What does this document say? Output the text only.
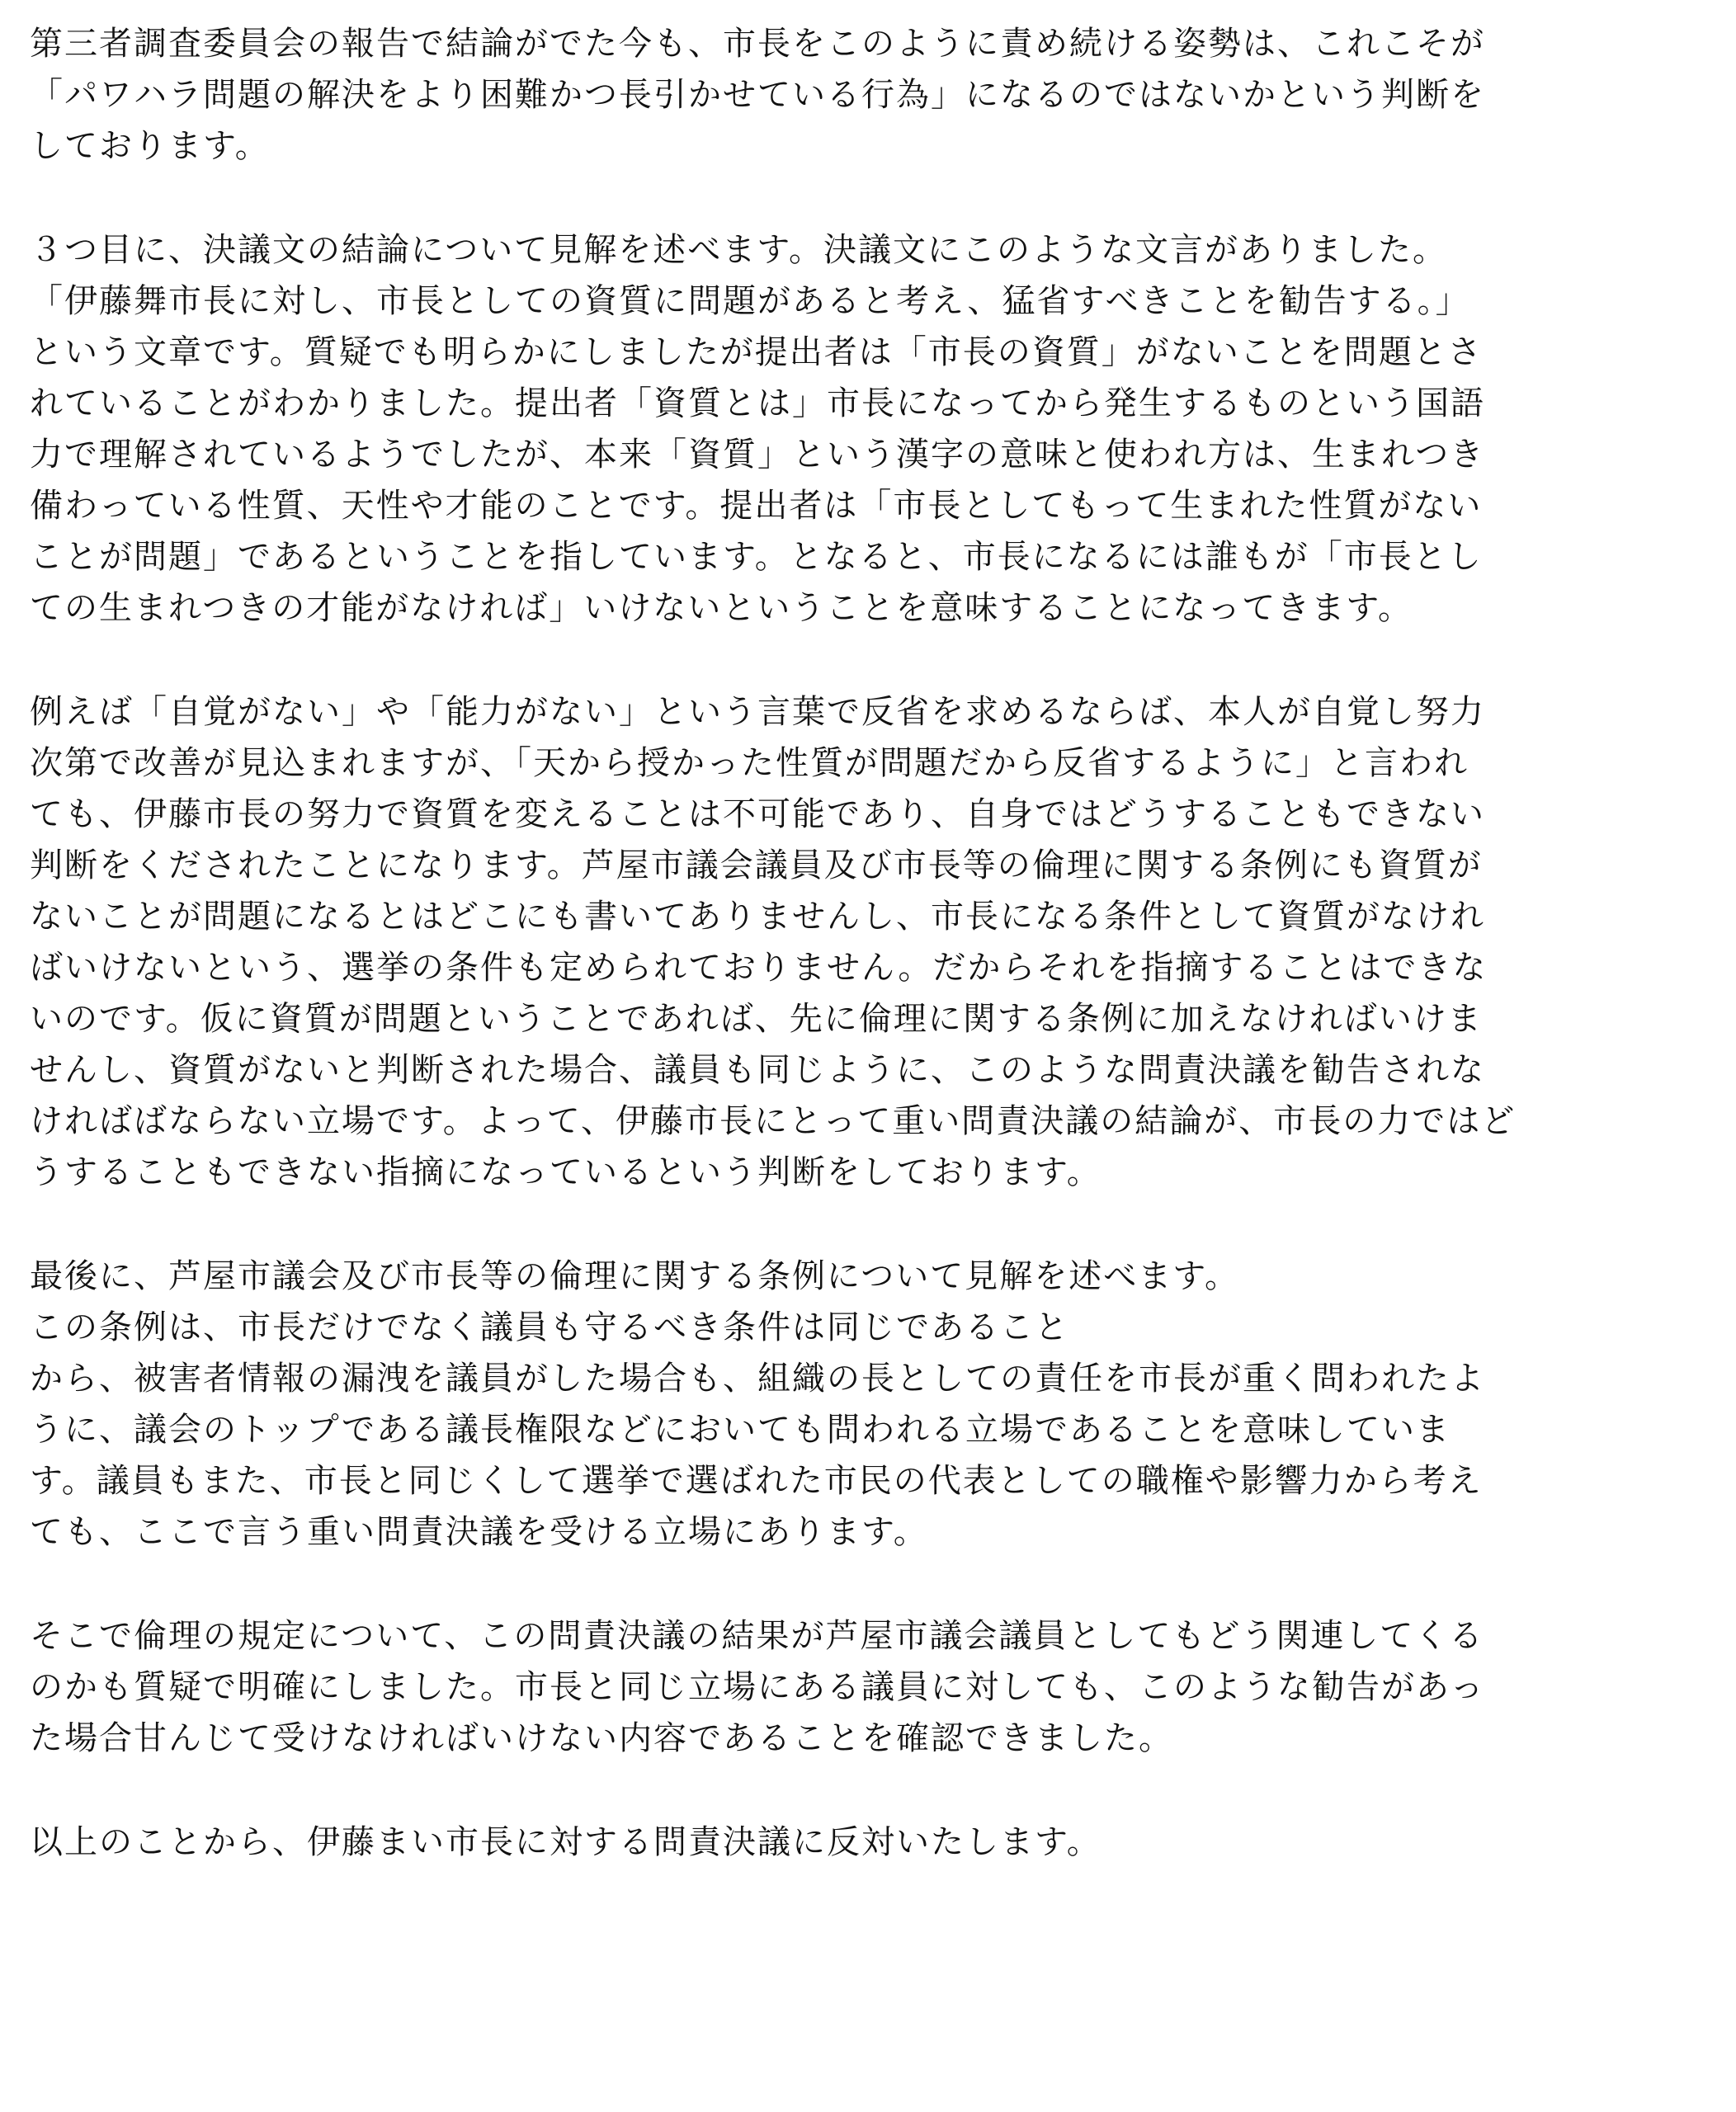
第三者調査委員会の報告で結論がでた今も、市長をこのように責め続ける姿勢は、これこそが
「パワハラ問題の解決をより困難かつ長引かせている行為」になるのではないかという判断を
しております。
３つ目に、決議文の結論について見解を述べます。決議文にこのような文言がありました。
「伊藤舞市長に対し、市長としての資質に問題があると考え、猛省すべきことを勧告する。」
という文章です。質疑でも明らかにしましたが提出者は「市長の資質」がないことを問題とさ
れていることがわかりました。提出者「資質とは」市長になってから発生するものという国語
力で理解されているようでしたが、本来「資質」という漢字の意味と使われ方は、生まれつき
備わっている性質、天性や才能のことです。提出者は「市長としてもって生まれた性質がない
ことが問題」であるということを指しています。となると、市長になるには誰もが「市長とし
ての生まれつきの才能がなければ」いけないということを意味することになってきます。
例えば「自覚がない」や「能力がない」という言葉で反省を求めるならば、本人が自覚し努力
次第で改善が見込まれますが、「天から授かった性質が問題だから反省するように」と言われ
ても、伊藤市長の努力で資質を変えることは不可能であり、自身ではどうすることもできない
判断をくだされたことになります。芦屋市議会議員及び市長等の倫理に関する条例にも資質が
ないことが問題になるとはどこにも書いてありませんし、市長になる条件として資質がなけれ
ばいけないという、選挙の条件も定められておりません。だからそれを指摘することはできな
いのです。仮に資質が問題ということであれば、先に倫理に関する条例に加えなければいけま
せんし、資質がないと判断された場合、議員も同じように、このような問責決議を勧告されな
ければばならない立場です。よって、伊藤市長にとって重い問責決議の結論が、市長の力ではど
うすることもできない指摘になっているという判断をしております。
最後に、芦屋市議会及び市長等の倫理に関する条例について見解を述べます。
この条例は、市長だけでなく議員も守るべき条件は同じであること
から、被害者情報の漏洩を議員がした場合も、組織の長としての責任を市長が重く問われたよ
うに、議会のトップである議長権限などにおいても問われる立場であることを意味していま
す。議員もまた、市長と同じくして選挙で選ばれた市民の代表としての職権や影響力から考え
ても、ここで言う重い問責決議を受ける立場にあります。
そこで倫理の規定について、この問責決議の結果が芦屋市議会議員としてもどう関連してくる
のかも質疑で明確にしました。市長と同じ立場にある議員に対しても、このような勧告があっ
た場合甘んじて受けなければいけない内容であることを確認できました。
以上のことから、伊藤まい市長に対する問責決議に反対いたします。
